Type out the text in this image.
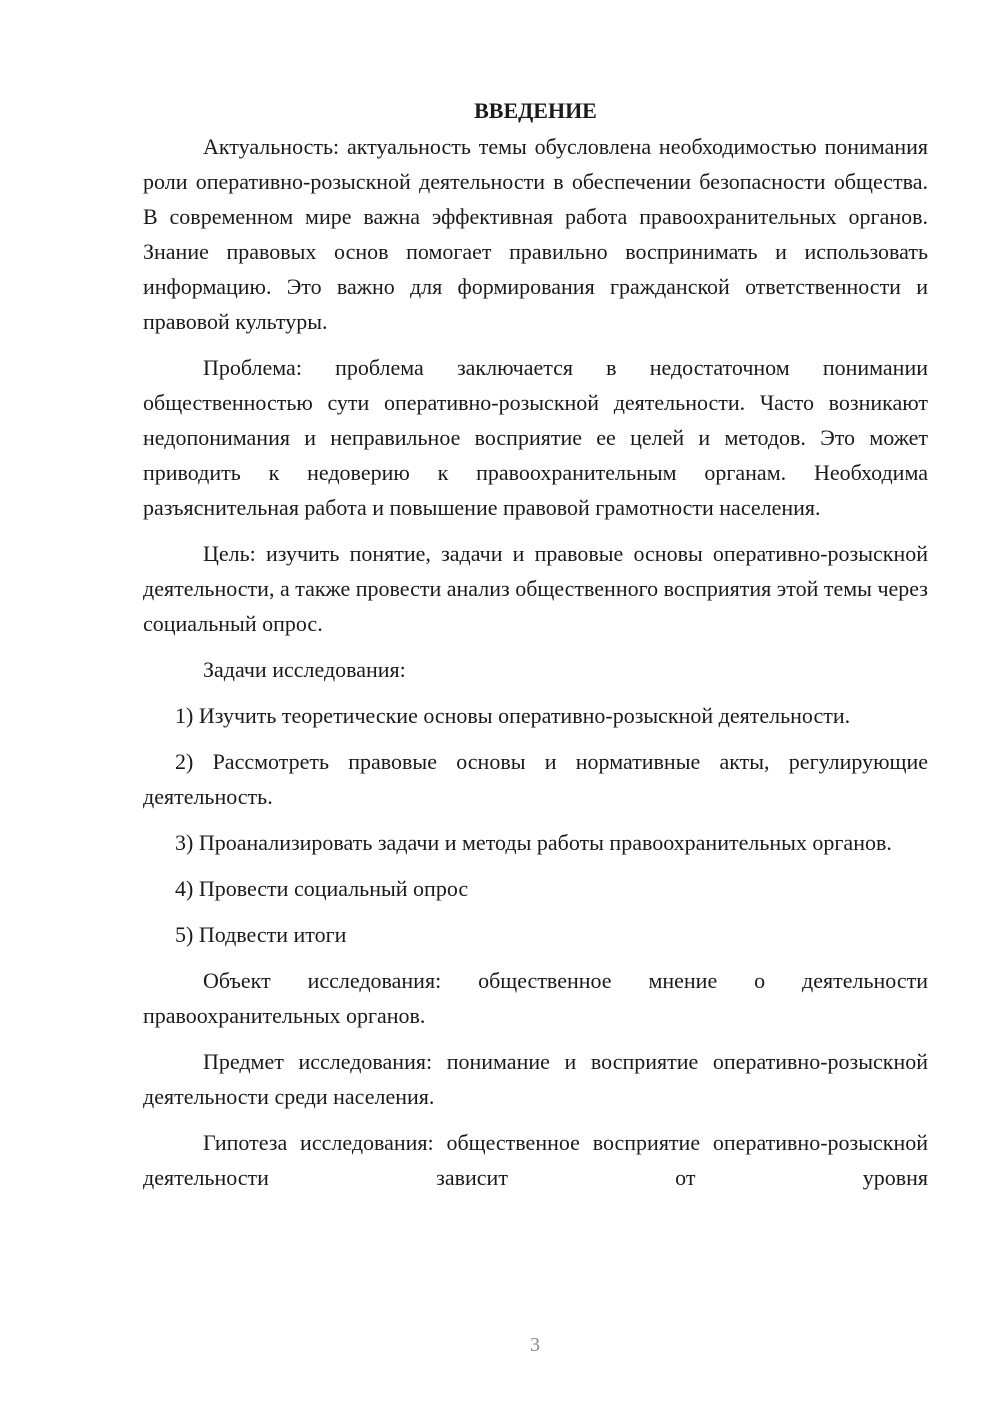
ВВЕДЕНИЕ

Актуальность: актуальность темы обусловлена необходимостью понимания роли оперативно-розыскной деятельности в обеспечении безопасности общества. В современном мире важна эффективная работа правоохранительных органов. Знание правовых основ помогает правильно воспринимать и использовать информацию. Это важно для формирования гражданской ответственности и правовой культуры.

Проблема: проблема заключается в недостаточном понимании общественностью сути оперативно-розыскной деятельности. Часто возникают недопонимания и неправильное восприятие ее целей и методов. Это может приводить к недоверию к правоохранительным органам. Необходима разъяснительная работа и повышение правовой грамотности населения.

Цель: изучить понятие, задачи и правовые основы оперативно-розыскной деятельности, а также провести анализ общественного восприятия этой темы через социальный опрос.

Задачи исследования:

1) Изучить теоретические основы оперативно-розыскной деятельности.

2) Рассмотреть правовые основы и нормативные акты, регулирующие деятельность.

3) Проанализировать задачи и методы работы правоохранительных органов.

4) Провести социальный опрос

5) Подвести итоги

Объект исследования: общественное мнение о деятельности правоохранительных органов.

Предмет исследования: понимание и восприятие оперативно-розыскной деятельности среди населения.

Гипотеза исследования: общественное восприятие оперативно-розыскной деятельности зависит от уровня

3
